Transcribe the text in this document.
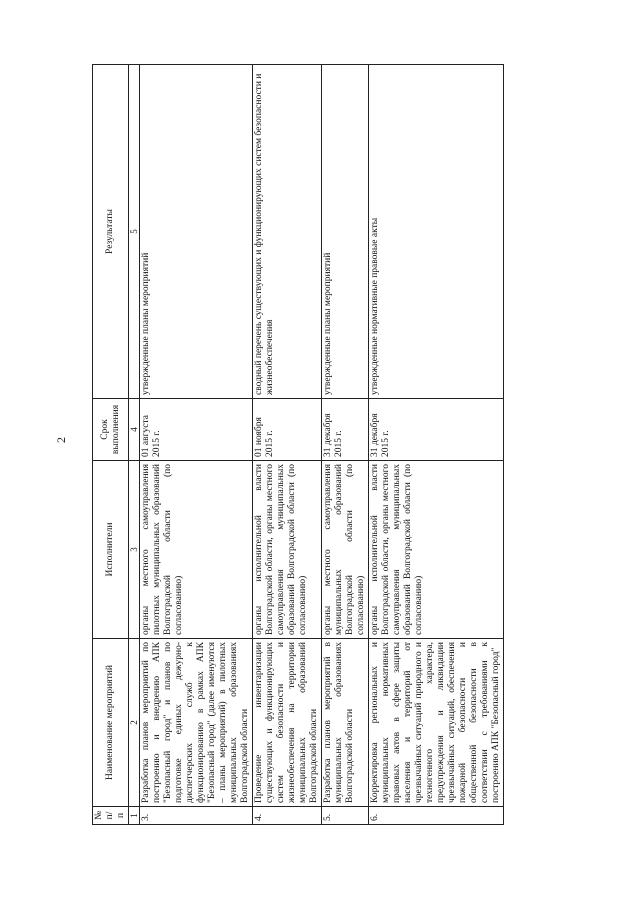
2
№ п/п	Наименование мероприятий	Исполнители	Срок выполнения	Результаты
1	2	3	4	5
3.	Разработка планов мероприятий по построению и внедрению АПК "Безопасный город" и планов по подготовке единых дежурно-диспетчерских служб к функционированию в рамках АПК "Безопасный город" (далее именуются – планы мероприятий) в пилотных муниципальных образованиях Волгоградской области	органы местного самоуправления пилотных муниципальных образований Волгоградской области (по согласованию)	01 августа 2015 г.	утвержденные планы мероприятий
4.	Проведение инвентаризации существующих и функционирующих систем безопасности и жизнеобеспечения на территории муниципальных образований Волгоградской области	органы исполнительной власти Волгоградской области, органы местного самоуправления муниципальных образований Волгоградской области (по согласованию)	01 ноября 2015 г.	сводный перечень существующих и функционирующих систем безопасности и жизнеобеспечения
5.	Разработка планов мероприятий в муниципальных образованиях Волгоградской области	органы местного самоуправления муниципальных образований Волгоградской области (по согласованию)	31 декабря 2015 г.	утвержденные планы мероприятий
6.	Корректировка региональных и муниципальных нормативных правовых актов в сфере защиты населения и территорий от чрезвычайных ситуаций природного и техногенного характера, предупреждения и ликвидации чрезвычайных ситуаций, обеспечения пожарной безопасности и общественной безопасности в соответствии с требованиями к построению АПК "Безопасный город"	органы исполнительной власти Волгоградской области, органы местного самоуправления муниципальных образований Волгоградской области (по согласованию)	31 декабря 2015 г.	утвержденные нормативные правовые акты
